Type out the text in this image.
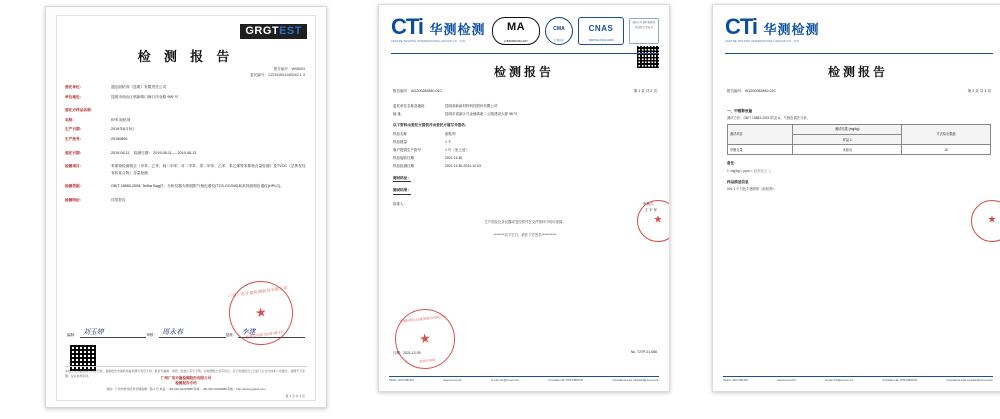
GRGTEST
检 测 报 告
报告编号：W06003
委托编号：CZ2019011483242-1-3
委托单位：	通达胶粘剂（昆明）有限责任公司
单位地址：	昆明市西山区科新路口海口岸业路 999 号
委托方样品名称：
名称：	KFE 胶粘剂
生产日期：	2019年8月5日
生产批号：	20190805
委托日期：	2019-08-11 检测日期： 2019-08-11 — 2019-08-13
检测项目：	苯系物检测项目（甲苯、乙苯、间二甲苯、对二甲苯、邻二甲苯、乙苯、苯乙烯等苯系物含量检测）及TVOC（总挥发性有机化合物）含量检测
检测依据：	GB/T 18583-2008, Tedlar Bag法；分析仪器为热脱附气相色谱仪(TCS-GC/MS)和高效液相色谱仪(HPLC)。
检测结论：	详见报告
编制： 刘玉婷	审核： 周永春	批准： 李建
广州广电计量检测股份有限公司
★
检测专用章 2019-08-13
本报告未加盖检测专用章无效；复制报告未重新加盖检测专用章无效；报告无编制、审核、批准人签字无效；对检测报告若有异议，应于收到报告之日起十五日内向本公司提出，逾期不予受理。仅对来样负责。
广州广电计量检测股份有限公司
检测报告专用
地址：广州市萝岗区科学城南翔一路 3 号 电话：+86-020-32293888 传真：+86-020-32293889 网址：http://www.grgtest.com
第 1 页 共 4 页
CTi 华测检测
CENTRE TESTING INTERNATIONAL GROUP CO., LTD.
MA
(150906034)1227
CMA
计量认证
CNAS
TESTING CNAS L0234
国家认可 检验检测 机构资质 认定证书
检测报告
报告编号：AGZ00282840-01C	第 1 页 共 3 页
委托单位名称及地址：	昆明高新新材料科技股份有限公司
地 址：	昆明市高新区马金铺高新二公路建设大厦 98 号
以下资料由委托方提供并由委托方填写并签名：
样品名称	胶粘剂
样品数量	1 个
客户提供生产批号	1 号（见上述）
样品接收日期	2021.11.30
样品检测日期	2021.11.30-2021.12.03
测试结论：
测试结果：
批准人：	审核人：
王 宇 军
生产部及记录仪器或受控样件在文件资料中均可查阅。
********以下空白，请在下方签名***********
华测检测认证集团股份有限公司
★
检测专用章
★
日期：2021-12-09	No. T2TP-01-066
Hotline: 400-6788-333	www.cti-cert.com	E-mail: info@cti-cert.com	Complaint call: 0755-33681700	Complaint E-mail: complaint@cti-cert.com
CTi 华测检测
CENTRE TESTING INTERNATIONAL GROUP CO., LTD.
检测报告
报告编号：AGZ00282840-01C	第 2 页 共 3 页
一、甲醛释放量
测试方法：GB/T 18584-2001 附录 A，气相色谱法分析。
测试项目	测试结果 (mg/kg)	方法检出限值
	样品 1	
甲醛含量	未检出	10
备注：
1. mg/kg = ppm = 百万分之一。
样品描述信息
001 1 个白色半透明的（胶粘剂）
★
Hotline: 400-6788-333	www.cti-cert.com	E-mail: info@cti-cert.com	Complaint call: 0755-33681700	Complaint E-mail: complaint@cti-cert.com
